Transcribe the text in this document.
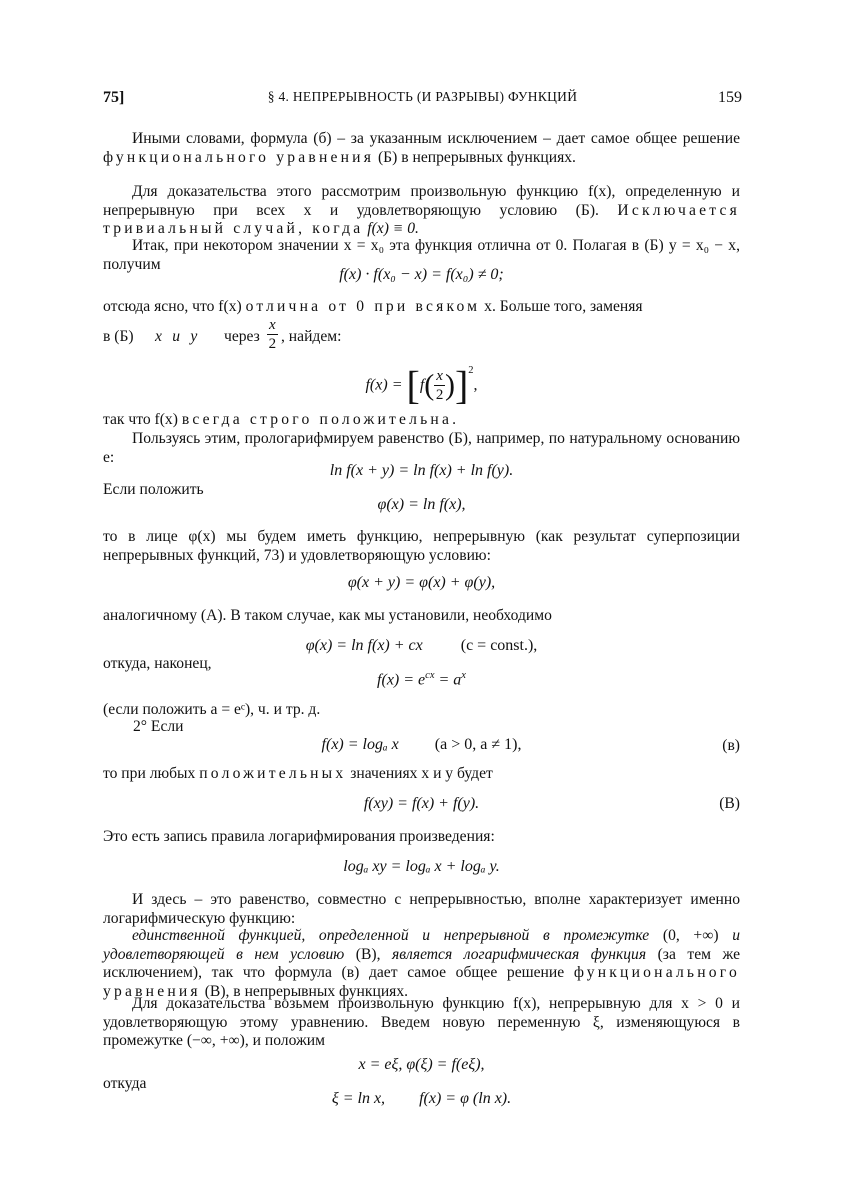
75]	§ 4. НЕПРЕРЫВНОСТЬ (И РАЗРЫВЫ) ФУНКЦИЙ	159
Иными словами, формула (б) – за указанным исключением – дает самое общее решение функционального уравнения (Б) в непрерывных функциях.
Для доказательства этого рассмотрим произвольную функцию f(x), определенную и непрерывную при всех x и удовлетворяющую условию (Б). Исключается тривиальный случай, когда f(x) ≡ 0.
Итак, при некотором значении x = x₀ эта функция отлична от 0. Полагая в (Б) y = x₀ − x, получим
f(x) · f(x₀ − x) = f(x₀) ≠ 0;
отсюда ясно, что f(x) отлична от 0 при всяком x. Больше того, заменяя
в (Б) x и y через $\frac{x}{2}$ , найдем:
$f(x) = [f( \frac{x}{2} )]^2$,
так что f(x) всегда строго положительна.
Пользуясь этим, прологарифмируем равенство (Б), например, по натуральному основанию e:
ln f(x + y) = ln f(x) + ln f(y).
Если положить
φ(x) = ln f(x),
то в лице φ(x) мы будем иметь функцию, непрерывную (как результат суперпозиции непрерывных функций, 73) и удовлетворяющую условию:
φ(x + y) = φ(x) + φ(y),
аналогичному (А). В таком случае, как мы установили, необходимо
φ(x) = ln f(x) + cx (c = const.),
откуда, наконец,
$f(x) = e^{cx} = a^x$
(если положить a = eᶜ), ч. и тр. д.
2° Если
f(x) = logₐ x (a > 0, a ≠ 1),	(в)
то при любых положительных значениях x и y будет
f(xy) = f(x) + f(y).	(В)
Это есть запись правила логарифмирования произведения:
logₐ xy = logₐ x + logₐ y.
И здесь – это равенство, совместно с непрерывностью, вполне характеризует именно логарифмическую функцию:
единственной функцией, определенной и непрерывной в промежутке (0, +∞) и удовлетворяющей в нем условию (В), является логарифмическая функция (за тем же исключением), так что формула (в) дает самое общее решение функционального уравнения (В), в непрерывных функциях.
Для доказательства возьмем произвольную функцию f(x), непрерывную для x > 0 и удовлетворяющую этому уравнению. Введем новую переменную ξ, изменяющуюся в промежутке (−∞, +∞), и положим
x = eξ, φ(ξ) = f(eξ),
откуда
ξ = ln x, f(x) = φ (ln x).
